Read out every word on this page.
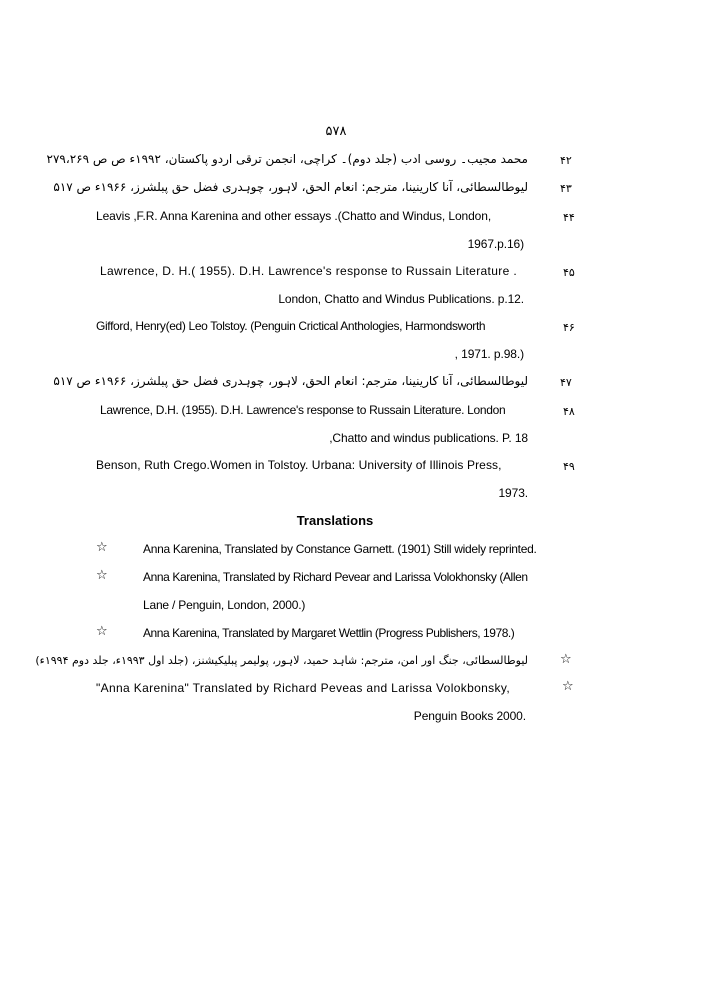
۵۷۸
۴۲
محمد مجیب۔ روسی ادب (جلد دوم)۔ کراچی، انجمن ترقی اردو پاکستان، ۱۹۹۲ء ص ص ۲۷۹،۲۶۹
۴۳
لیوطالسطائی، آنا کارینینا، مترجم: انعام الحق، لاہور، چوہدری فضل حق پبلشرز، ۱۹۶۶ء ص ۵۱۷
۴۴
Leavis ,F.R. Anna Karenina and other essays .(Chatto and Windus, London,
1967.p.16)
۴۵
Lawrence, D. H.( 1955). D.H. Lawrence's response to Russain Literature .
London, Chatto and Windus Publications. p.12.
۴۶
Gifford, Henry(ed) Leo Tolstoy. (Penguin Crictical Anthologies, Harmondsworth
, 1971. p.98.)
۴۷
لیوطالسطائی، آنا کارینینا، مترجم: انعام الحق، لاہور، چوہدری فضل حق پبلشرز، ۱۹۶۶ء ص ۵۱۷
۴۸
Lawrence, D.H. (1955). D.H. Lawrence's response to Russain Literature. London
,Chatto and windus publications. P. 18
۴۹
Benson, Ruth Crego.Women in Tolstoy. Urbana: University of Illinois Press,
1973.
Translations
☆	Anna Karenina, Translated by Constance Garnett. (1901) Still widely reprinted.
☆	Anna Karenina, Translated by Richard Pevear and Larissa Volokhonsky (Allen
Lane / Penguin, London, 2000.)
☆	Anna Karenina, Translated by Margaret Wettlin (Progress Publishers, 1978.)
☆
لیوطالسطائی، جنگ اور امن، مترجم: شاہد حمید، لاہور، پولیمر پبلیکیشنز، (جلد اول ۱۹۹۳ء، جلد دوم ۱۹۹۴ء)
☆
"Anna Karenina" Translated by Richard Peveas and Larissa Volokbonsky,
Penguin Books 2000.
